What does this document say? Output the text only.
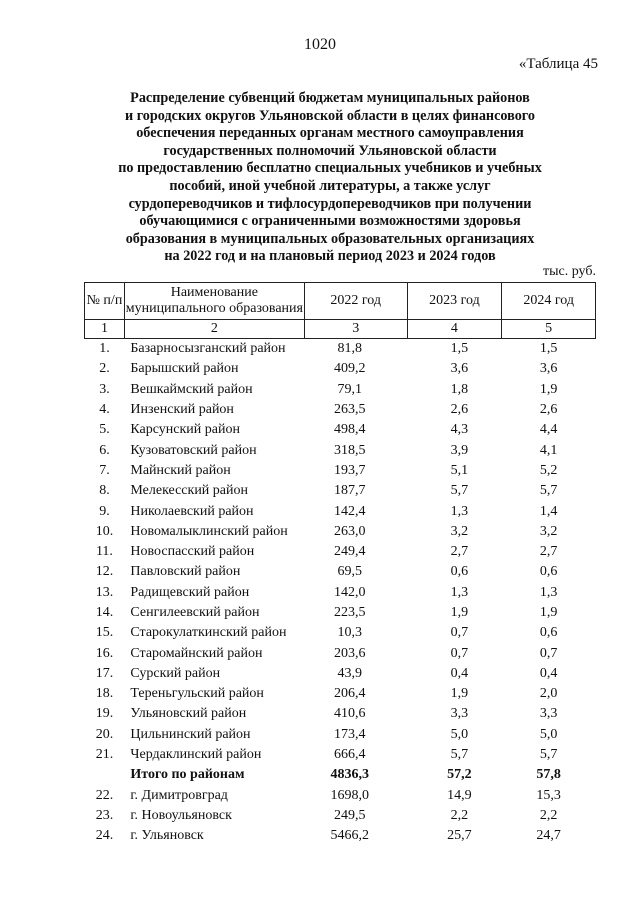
1020
«Таблица 45
Распределение субвенций бюджетам муниципальных районов
и городских округов Ульяновской области в целях финансового
обеспечения переданных органам местного самоуправления
государственных полномочий Ульяновской области
по предоставлению бесплатно специальных учебников и учебных
пособий, иной учебной литературы, а также услуг
сурдопереводчиков и тифлосурдопереводчиков при получении
обучающимися с ограниченными возможностями здоровья
образования в муниципальных образовательных организациях
на 2022 год и на плановый период 2023 и 2024 годов
тыс. руб.
№ п/п	Наименование муниципального образования	2022 год	2023 год	2024 год
1	2	3	4	5
1.	Базарносызганский район	81,8	1,5	1,5
2.	Барышский район	409,2	3,6	3,6
3.	Вешкаймский район	79,1	1,8	1,9
4.	Инзенский район	263,5	2,6	2,6
5.	Карсунский район	498,4	4,3	4,4
6.	Кузоватовский район	318,5	3,9	4,1
7.	Майнский район	193,7	5,1	5,2
8.	Мелекесский район	187,7	5,7	5,7
9.	Николаевский район	142,4	1,3	1,4
10.	Новомалыклинский район	263,0	3,2	3,2
11.	Новоспасский район	249,4	2,7	2,7
12.	Павловский район	69,5	0,6	0,6
13.	Радищевский район	142,0	1,3	1,3
14.	Сенгилеевский район	223,5	1,9	1,9
15.	Старокулаткинский район	10,3	0,7	0,6
16.	Старомайнский район	203,6	0,7	0,7
17.	Сурский район	43,9	0,4	0,4
18.	Тереньгульский район	206,4	1,9	2,0
19.	Ульяновский район	410,6	3,3	3,3
20.	Цильнинский район	173,4	5,0	5,0
21.	Чердаклинский район	666,4	5,7	5,7
	Итого по районам	4836,3	57,2	57,8
22.	г. Димитровград	1698,0	14,9	15,3
23.	г. Новоульяновск	249,5	2,2	2,2
24.	г. Ульяновск	5466,2	25,7	24,7
